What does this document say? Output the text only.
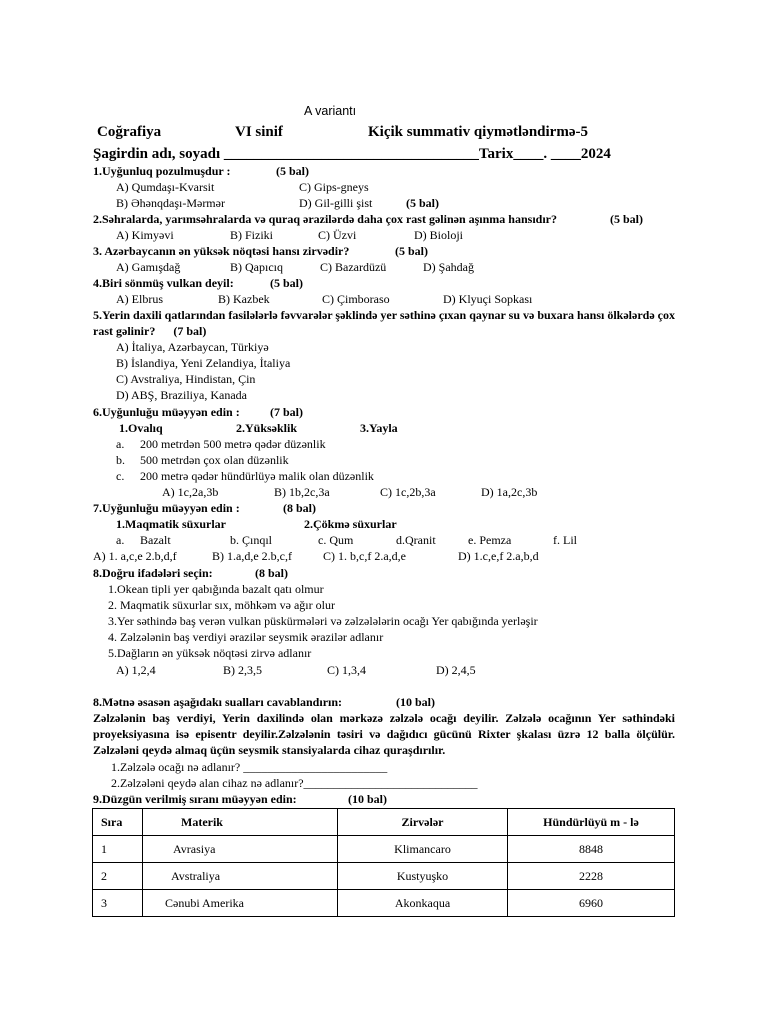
A variantı
Coğrafiya	VI sinif	Kiçik summativ qiymətləndirmə-5
Şagirdin adı, soyadı __________________________________Tarix____. ____2024
1.Uyğunluq pozulmuşdur :	(5 bal)
A) Qumdaşı-Kvarsit	C) Gips-gneys
B) Əhənqdaşı-Mərmər	D) Gil-gilli şist	(5 bal)
2.Səhralarda, yarımsəhralarda və quraq ərazilərdə daha çox rast gəlinən aşınma hansıdır?	(5 bal)
A) Kimyəvi	B) Fiziki	C) Üzvi	D) Bioloji
3. Azərbaycanın ən yüksək nöqtəsi hansı zirvədir?	(5 bal)
A) Gamışdağ	B) Qapıcıq	C) Bazardüzü	D) Şahdağ
4.Biri sönmüş vulkan deyil:	(5 bal)
A) Elbrus	B) Kazbek	C) Çimboraso	D) Klyuçi Sopkası
5.Yerin daxili qatlarından fasilələrlə fəvvarələr şəklində yer səthinə çıxan qaynar su və buxara hansı ölkələrdə çox rast gəlinir? (7 bal)
A) İtaliya, Azərbaycan, Türkiyə
B) İslandiya, Yeni Zelandiya, İtaliya
C) Avstraliya, Hindistan, Çin
D) ABŞ, Braziliya, Kanada
6.Uyğunluğu müəyyən edin :	(7 bal)
1.Ovalıq	2.Yüksəklik	3.Yayla
a. 200 metrdən 500 metrə qədər düzənlik
b. 500 metrdən çox olan düzənlik
c. 200 metrə qədər hündürlüyə malik olan düzənlik
A) 1c,2a,3b	B) 1b,2c,3a	C) 1c,2b,3a	D) 1a,2c,3b
7.Uyğunluğu müəyyən edin :	(8 bal)
1.Maqmatik süxurlar	2.Çökmə süxurlar
a. Bazalt	b. Çınqıl	c. Qum	d.Qranit	e. Pemza	f. Lil
A) 1. a,c,e 2.b,d,f	B) 1.a,d,e 2.b,c,f	C) 1. b,c,f 2.a,d,e	D) 1.c,e,f 2.a,b,d
8.Doğru ifadələri seçin:	(8 bal)
1.Okean tipli yer qabığında bazalt qatı olmur
2. Maqmatik süxurlar sıx, möhkəm və ağır olur
3.Yer səthində baş verən vulkan püskürmələri və zəlzələlərin ocağı Yer qabığında yerləşir
4. Zəlzələnin baş verdiyi ərazilər seysmik ərazilər adlanır
5.Dağların ən yüksək nöqtəsi zirvə adlanır
A) 1,2,4	B) 2,3,5	C) 1,3,4	D) 2,4,5
8.Mətnə əsasən aşağıdakı sualları cavablandırın:	(10 bal)
Zəlzələnin baş verdiyi, Yerin daxilində olan mərkəzə zəlzələ ocağı deyilir. Zəlzələ ocağının Yer səthindəki proyeksiyasına isə episentr deyilir.Zəlzələnin təsiri və dağıdıcı gücünü Rixter şkalası üzrə 12 balla ölçülür. Zəlzələni qeydə almaq üçün seysmik stansiyalarda cihaz quraşdırılır.
1.Zəlzələ ocağı nə adlanır? ________________________
2.Zəlzələni qeydə alan cihaz nə adlanır?_____________________________
9.Düzgün verilmiş sıranı müəyyən edin:	(10 bal)
Sıra	Materik	Zirvələr	Hündürlüyü m - lə
1	Avrasiya	Klimancaro	8848
2	Avstraliya	Kustyuşko	2228
3	Cənubi Amerika	Akonkaqua	6960
